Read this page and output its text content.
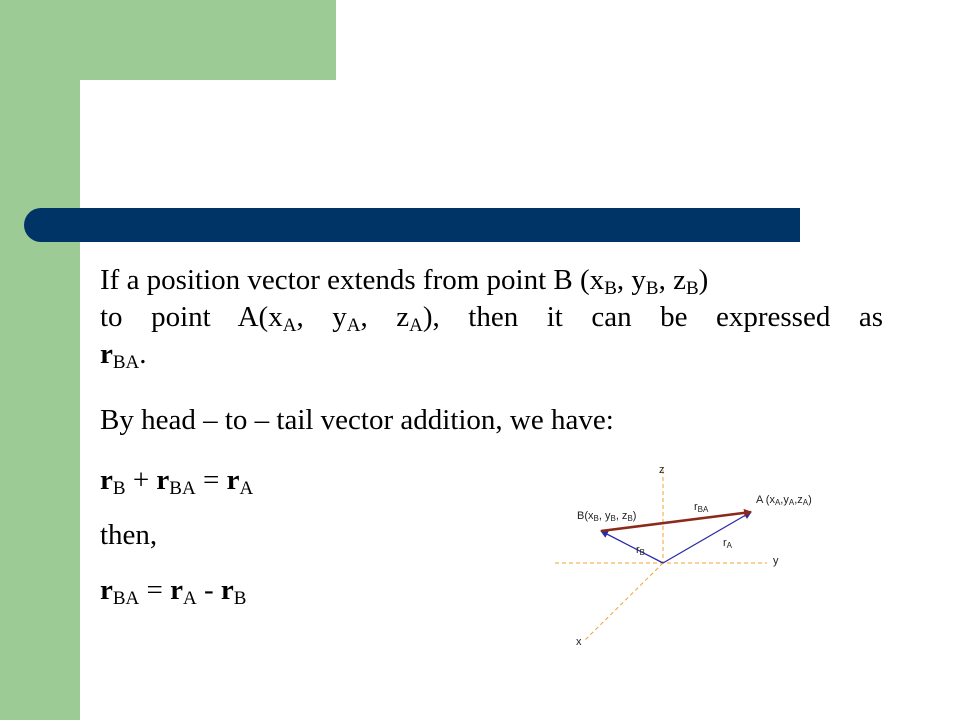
If a position vector extends from point B ($x_B$, $y_B$, $z_B$)
to point $A(x_A$, $y_A$, $z_A$), then it can be expressed as
$r_{BA}$.
By head – to – tail vector addition, we have:
$r_B + r_{BA} = r_A$
then,
$r_{BA} = r_A - r_B$
z
y
x
$B(x_B$, $y_B$, $z_B$)
A $(x_A,y_A,z_A)$
$r_{BA}$
$r_B$
$r_A$
